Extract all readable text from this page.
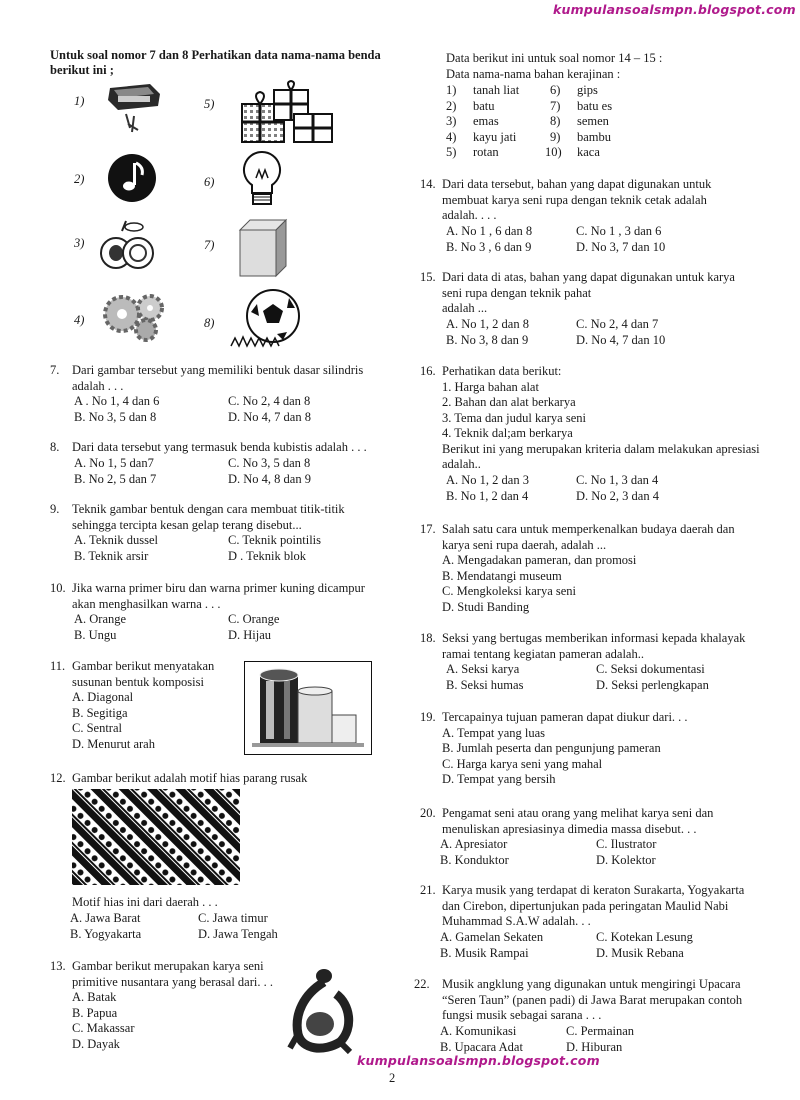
kumpulansoalsmpn.blogspot.com
kumpulansoalsmpn.blogspot.com
2
Untuk soal nomor 7 dan 8 Perhatikan data nama-nama benda
berikut ini ;
1)
2)
3)
4)
5)
6)
7)
8)
7. Dari gambar tersebut yang memiliki bentuk dasar silindris
adalah . . .
A . No 1, 4 dan 6	C. No 2, 4 dan 8
B. No 3, 5 dan 8	D. No 4, 7 dan 8
8. Dari data tersebut yang termasuk benda kubistis adalah . . .
A. No 1, 5 dan7	C. No 3, 5 dan 8
B. No 2, 5 dan 7	D. No 4, 8 dan 9
9. Teknik gambar bentuk dengan cara membuat titik-titik
sehingga tercipta kesan gelap terang disebut...
A. Teknik dussel	C. Teknik pointilis
B. Teknik arsir	D . Teknik blok
10. Jika warna primer biru dan warna primer kuning dicampur
akan menghasilkan warna . . .
A. Orange	C. Orange
B. Ungu	D. Hijau
11. Gambar berikut menyatakan
susunan bentuk komposisi
A. Diagonal
B. Segitiga
C. Sentral
D. Menurut arah
12. Gambar berikut adalah motif hias parang rusak
Motif hias ini dari daerah . . .
A. Jawa Barat	C. Jawa timur
B. Yogyakarta	D. Jawa Tengah
13. Gambar berikut merupakan karya seni
primitive nusantara yang berasal dari. . .
A. Batak
B. Papua
C. Makassar
D. Dayak
Data berikut ini untuk soal nomor 14 – 15 :
Data nama-nama bahan kerajinan :
1) tanah liat 6) gips
2) batu	7) batu es
3) emas	8) semen
4) kayu jati	9) bambu
5) rotan	10) kaca
14. Dari data tersebut, bahan yang dapat digunakan untuk
membuat karya seni rupa dengan teknik cetak adalah
adalah. . . .
A. No 1 , 6 dan 8	C. No 1 , 3 dan 6
B. No 3 , 6 dan 9	D. No 3, 7 dan 10
15. Dari data di atas, bahan yang dapat digunakan untuk karya
seni rupa dengan teknik pahat
adalah ...
A. No 1, 2 dan 8	C. No 2, 4 dan 7
B. No 3, 8 dan 9	D. No 4, 7 dan 10
16. Perhatikan data berikut:
1. Harga bahan alat
2. Bahan dan alat berkarya
3. Tema dan judul karya seni
4. Teknik dal;am berkarya
Berikut ini yang merupakan kriteria dalam melakukan apresiasi
adalah..
A. No 1, 2 dan 3	C. No 1, 3 dan 4
B. No 1, 2 dan 4	D. No 2, 3 dan 4
17. Salah satu cara untuk memperkenalkan budaya daerah dan
karya seni rupa daerah, adalah ...
A. Mengadakan pameran, dan promosi
B. Mendatangi museum
C. Mengkoleksi karya seni
D. Studi Banding
18. Seksi yang bertugas memberikan informasi kepada khalayak
ramai tentang kegiatan pameran adalah..
A. Seksi karya	C. Seksi dokumentasi
B. Seksi humas	D. Seksi perlengkapan
19. Tercapainya tujuan pameran dapat diukur dari. . .
A. Tempat yang luas
B. Jumlah peserta dan pengunjung pameran
C. Harga karya seni yang mahal
D. Tempat yang bersih
20. Pengamat seni atau orang yang melihat karya seni dan
menuliskan apresiasinya dimedia massa disebut. . .
A. Apresiator	C. Ilustrator
B. Konduktor	D. Kolektor
21. Karya musik yang terdapat di keraton Surakarta, Yogyakarta
dan Cirebon, dipertunjukan pada peringatan Maulid Nabi
Muhammad S.A.W adalah. . .
A. Gamelan Sekaten	C. Kotekan Lesung
B. Musik Rampai	D. Musik Rebana
22. Musik angklung yang digunakan untuk mengiringi Upacara
“Seren Taun” (panen padi) di Jawa Barat merupakan contoh
fungsi musik sebagai sarana . . .
A. Komunikasi	C. Permainan
B. Upacara Adat	D. Hiburan
